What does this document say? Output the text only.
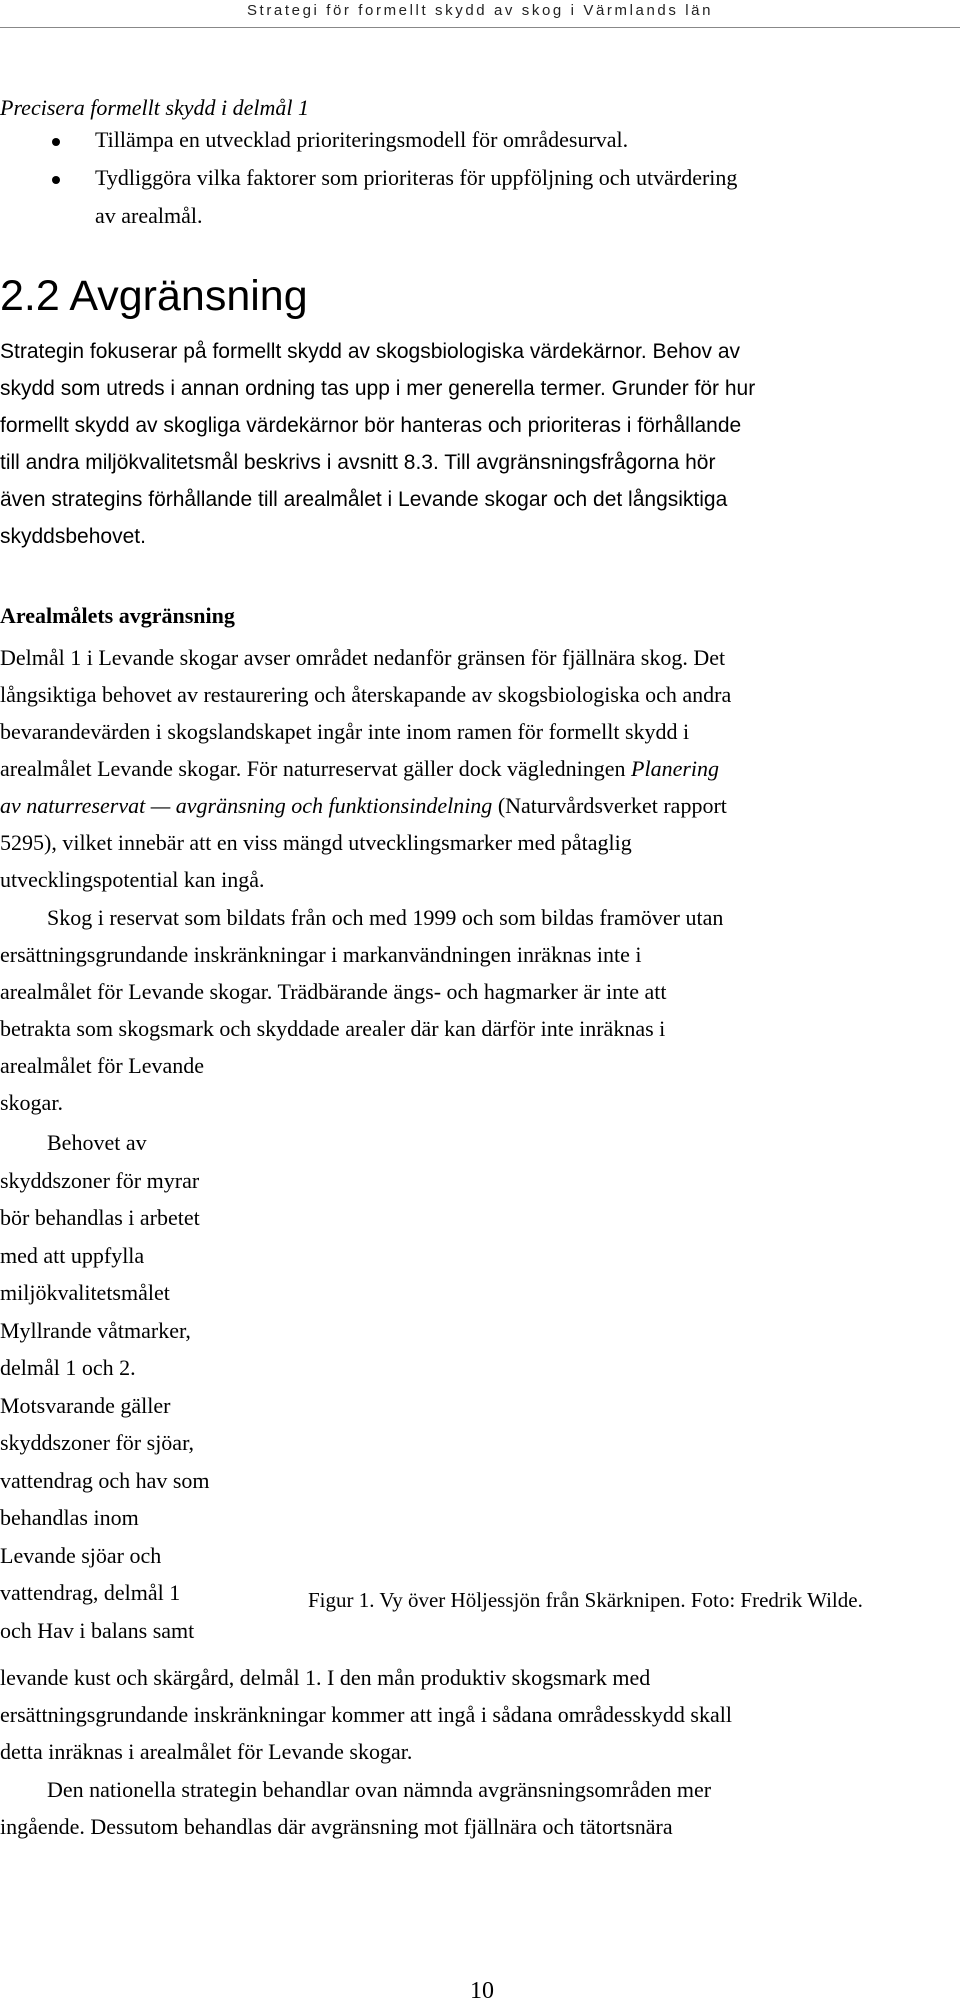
Strategi för formellt skydd av skog i Värmlands län
Precisera formellt skydd i delmål 1
Tillämpa en utvecklad prioriteringsmodell för områdesurval.
Tydliggöra vilka faktorer som prioriteras för uppföljning och utvärdering
av arealmål.
Strategin fokuserar på formellt skydd av skogsbiologiska värdekärnor. Behov av
skydd som utreds i annan ordning tas upp i mer generella termer. Grunder för hur
formellt skydd av skogliga värdekärnor bör hanteras och prioriteras i förhållande
till andra miljökvalitetsmål beskrivs i avsnitt 8.3. Till avgränsningsfrågorna hör
även strategins förhållande till arealmålet i Levande skogar och det långsiktiga
skyddsbehovet.
Arealmålets avgränsning
Delmål 1 i Levande skogar avser området nedanför gränsen för fjällnära skog. Det
långsiktiga behovet av restaurering och återskapande av skogsbiologiska och andra
bevarandevärden i skogslandskapet ingår inte inom ramen för formellt skydd i
arealmålet Levande skogar. För naturreservat gäller dock vägledningen Planering
av naturreservat — avgränsning och funktionsindelning (Naturvårdsverket rapport
5295), vilket innebär att en viss mängd utvecklingsmarker med påtaglig
utvecklingspotential kan ingå.
Skog i reservat som bildats från och med 1999 och som bildas framöver utan
ersättningsgrundande inskränkningar i markanvändningen inräknas inte i
arealmålet för Levande skogar. Trädbärande ängs- och hagmarker är inte att
betrakta som skogsmark och skyddade arealer där kan därför inte inräknas i
arealmålet för Levande
skogar.
Behovet av
skyddszoner för myrar
bör behandlas i arbetet
med att uppfylla
miljökvalitetsmålet
Myllrande våtmarker,
delmål 1 och 2.
Motsvarande gäller
skyddszoner för sjöar,
vattendrag och hav som
behandlas inom
Levande sjöar och
vattendrag, delmål 1
och Hav i balans samt
levande kust och skärgård, delmål 1. I den mån produktiv skogsmark med
ersättningsgrundande inskränkningar kommer att ingå i sådana områdesskydd skall
detta inräknas i arealmålet för Levande skogar.
Den nationella strategin behandlar ovan nämnda avgränsningsområden mer
ingående. Dessutom behandlas där avgränsning mot fjällnära och tätortsnära
2.2 Avgränsning
Figur 1. Vy över Höljessjön från Skärknipen. Foto: Fredrik Wilde.
10
